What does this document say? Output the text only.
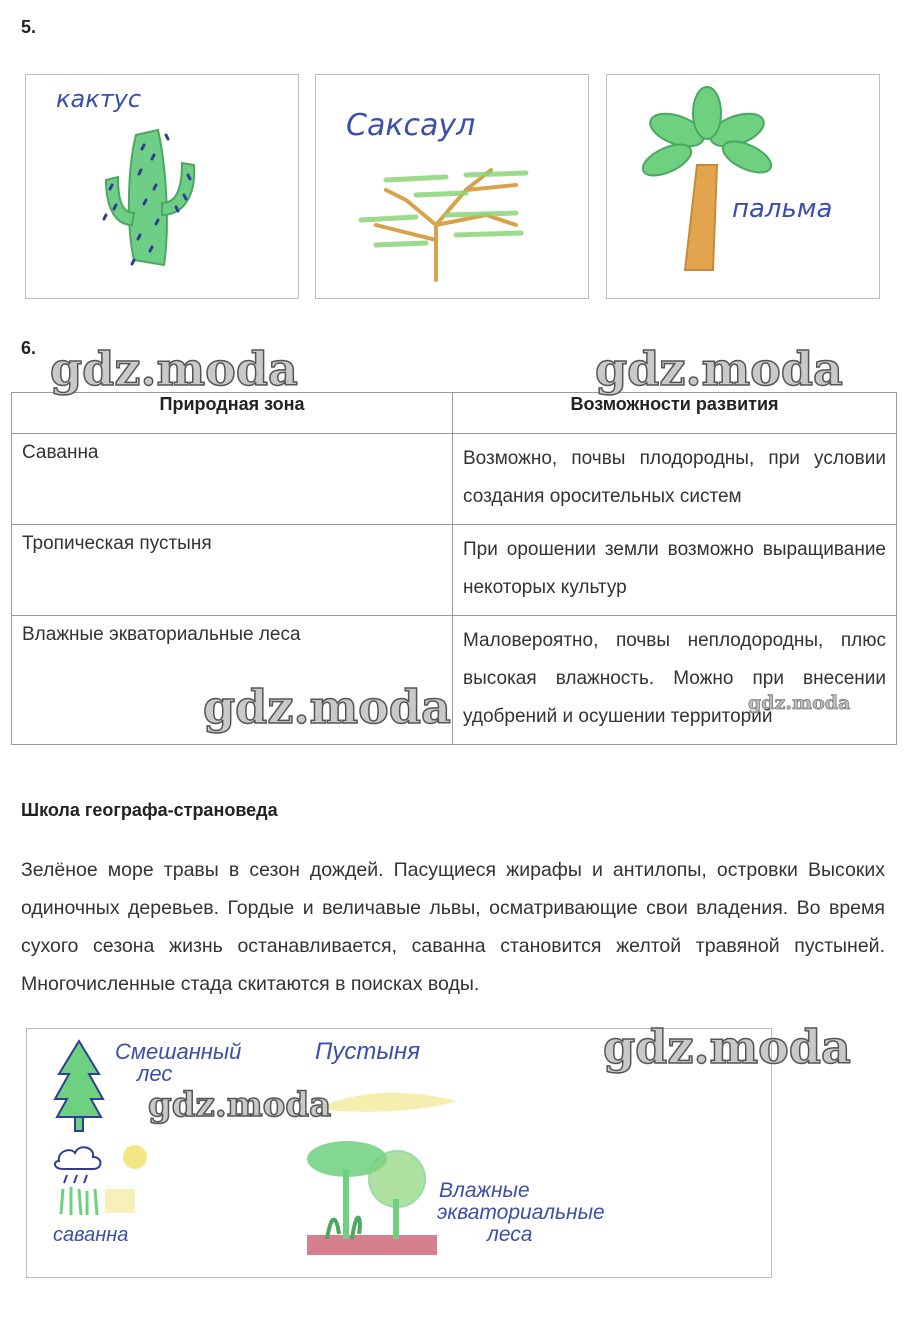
5.
кактус
Саксаул
пальма
6.
Природная зона	Возможности развития
Саванна	Возможно, почвы плодородны, при условии создания оросительных систем
Тропическая пустыня	При орошении земли возможно выращивание некоторых культур
Влажные экваториальные леса	Маловероятно, почвы неплодородны, плюс высокая влажность. Можно при внесении удобрений и осушении территорий
Школа географа-страноведа
Зелёное море травы в сезон дождей. Пасущиеся жирафы и антилопы, островки Высоких одиночных деревьев. Гордые и величавые львы, осматривающие свои владения. Во время сухого сезона жизнь останавливается, саванна становится желтой травяной пустыней. Многочисленные стада скитаются в поисках воды.
Смешанный
лес
Пустыня
саванна
Влажные
экваториальные
леса
gdz.moda	gdz.moda
gdz.moda	gdz.moda
gdz.moda
gdz.moda
